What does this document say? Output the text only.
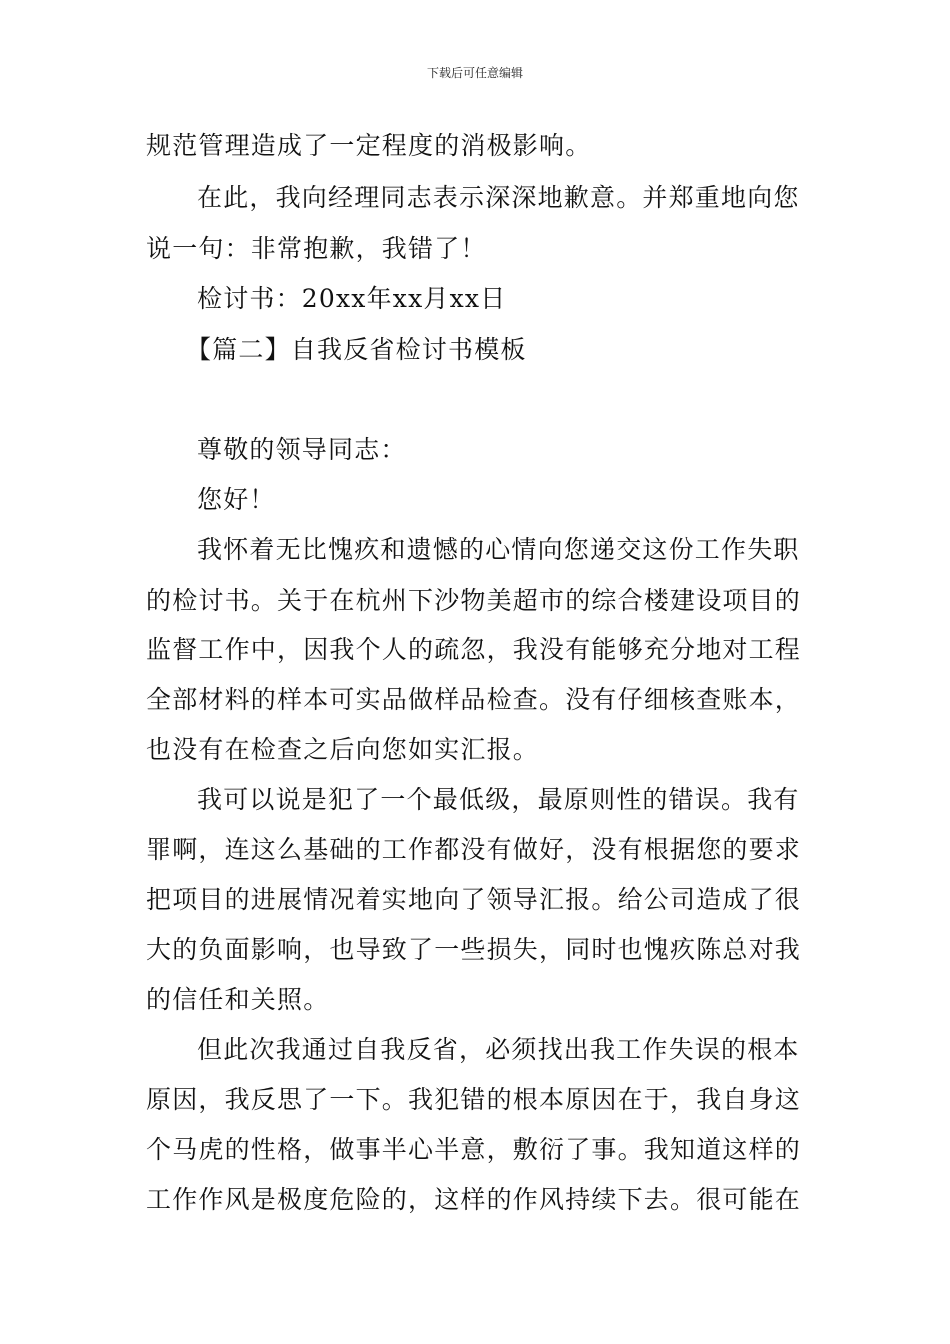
下载后可任意编辑
规范管理造成了一定程度的消极影响。
在此，我向经理同志表示深深地歉意。并郑重地向您
说一句：非常抱歉，我错了！
检讨书：20xx年xx月xx日
【篇二】自我反省检讨书模板
尊敬的领导同志：
您好！
我怀着无比愧疚和遗憾的心情向您递交这份工作失职
的检讨书。关于在杭州下沙物美超市的综合楼建设项目的
监督工作中，因我个人的疏忽，我没有能够充分地对工程
全部材料的样本可实品做样品检查。没有仔细核查账本，
也没有在检查之后向您如实汇报。
我可以说是犯了一个最低级，最原则性的错误。我有
罪啊，连这么基础的工作都没有做好，没有根据您的要求
把项目的进展情况着实地向了领导汇报。给公司造成了很
大的负面影响，也导致了一些损失，同时也愧疚陈总对我
的信任和关照。
但此次我通过自我反省，必须找出我工作失误的根本
原因，我反思了一下。我犯错的根本原因在于，我自身这
个马虎的性格，做事半心半意，敷衍了事。我知道这样的
工作作风是极度危险的，这样的作风持续下去。很可能在
